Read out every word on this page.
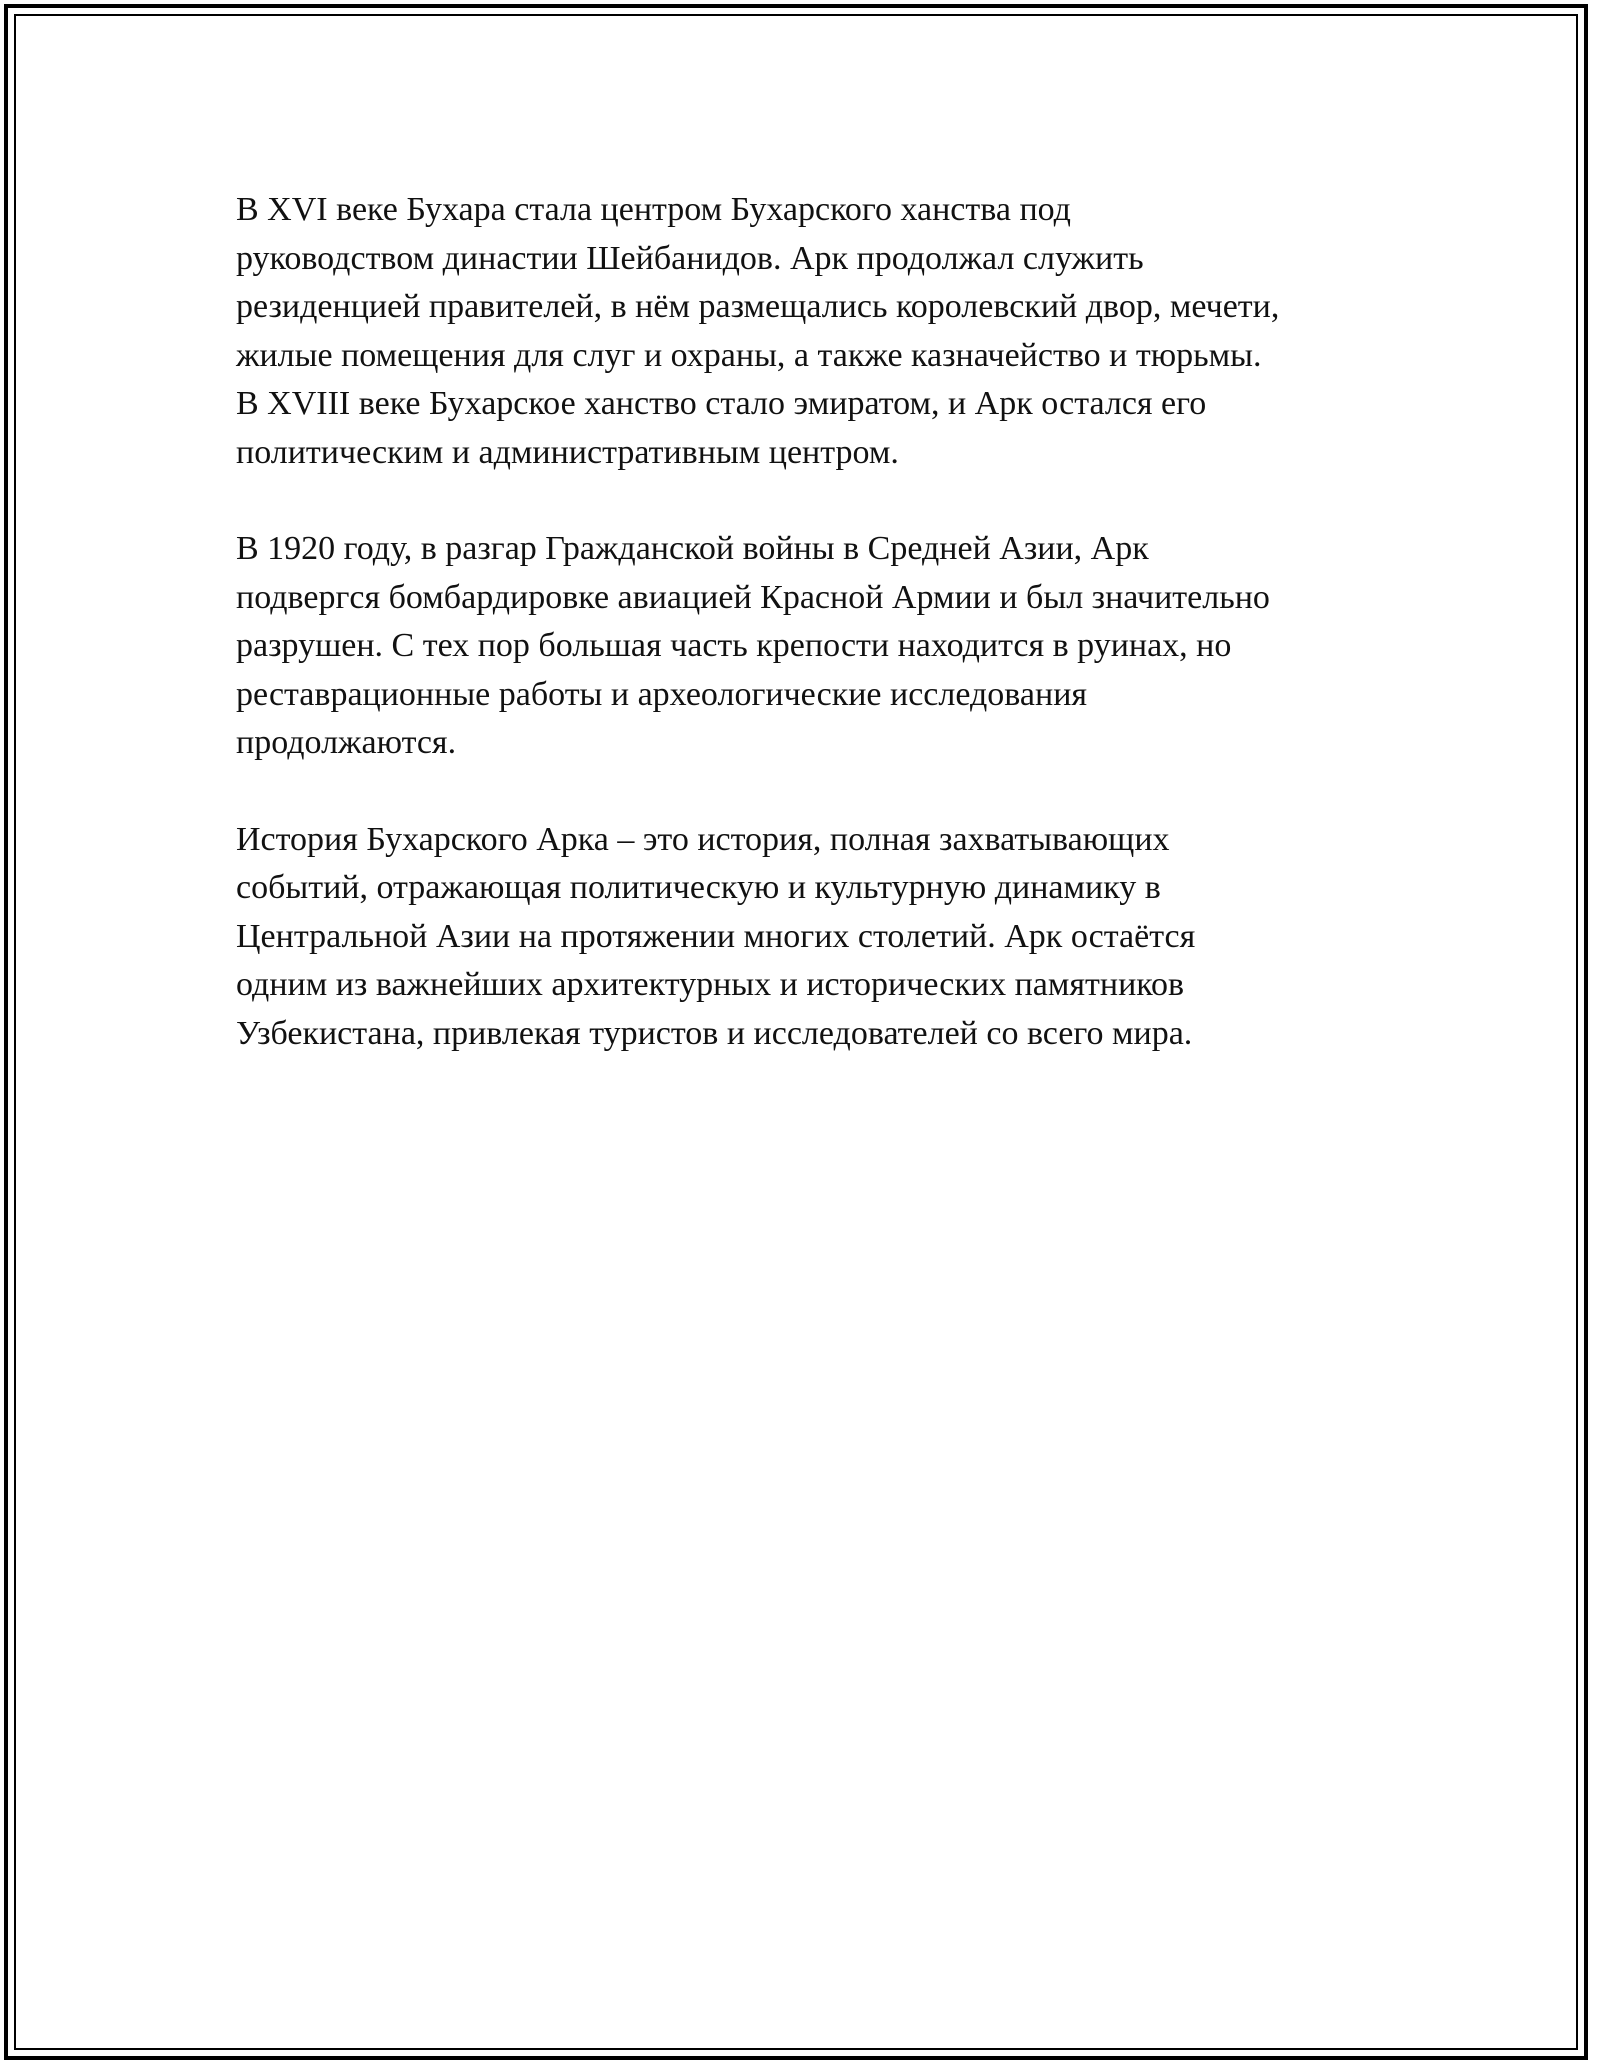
В XVI веке Бухара стала центром Бухарского ханства под
руководством династии Шейбанидов. Арк продолжал служить
резиденцией правителей, в нём размещались королевский двор, мечети,
жилые помещения для слуг и охраны, а также казначейство и тюрьмы.
В XVIII веке Бухарское ханство стало эмиратом, и Арк остался его
политическим и административным центром.

В 1920 году, в разгар Гражданской войны в Средней Азии, Арк
подвергся бомбардировке авиацией Красной Армии и был значительно
разрушен. С тех пор большая часть крепости находится в руинах, но
реставрационные работы и археологические исследования
продолжаются.

История Бухарского Арка – это история, полная захватывающих
событий, отражающая политическую и культурную динамику в
Центральной Азии на протяжении многих столетий. Арк остаётся
одним из важнейших архитектурных и исторических памятников
Узбекистана, привлекая туристов и исследователей со всего мира.
